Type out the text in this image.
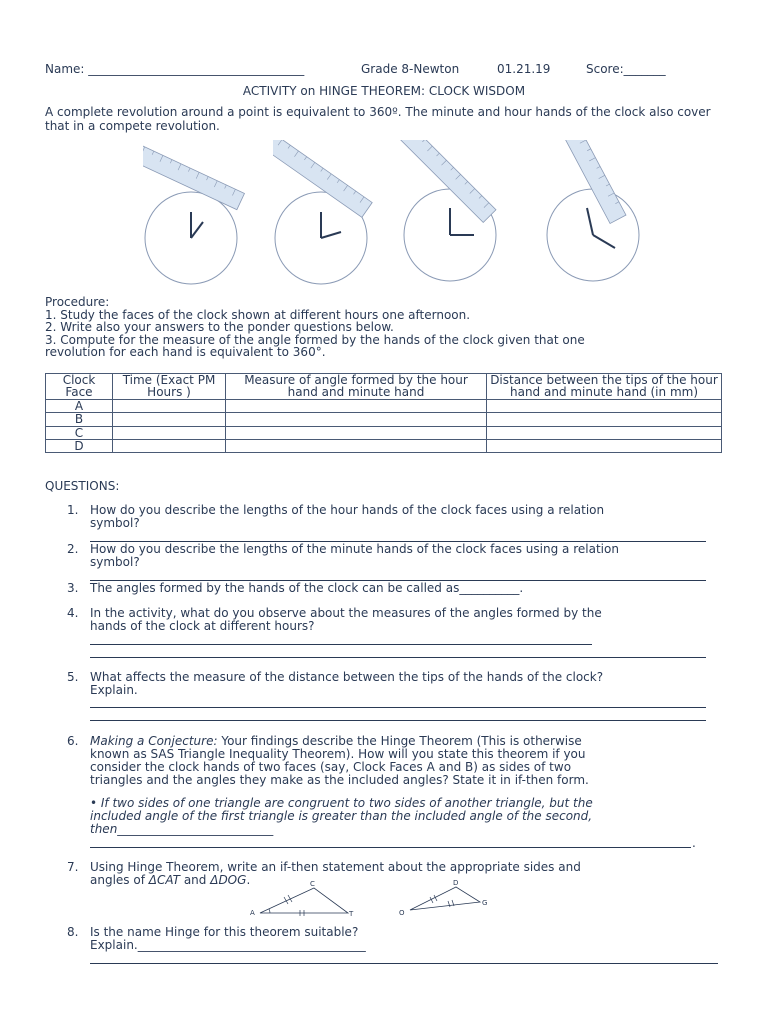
Name: ____________________________________	Grade 8-Newton	01.21.19	Score:_______
ACTIVITY on HINGE THEOREM: CLOCK WISDOM
A complete revolution around a point is equivalent to 360º. The minute and hour hands of the clock also cover that in a compete revolution.
Procedure:
1. Study the faces of the clock shown at different hours one afternoon.
2. Write also your answers to the ponder questions below.
3. Compute for the measure of the angle formed by the hands of the clock given that one
revolution for each hand is equivalent to 360°.
Clock Face	Time (Exact PM Hours )	Measure of angle formed by the hour hand and minute hand	Distance between the tips of the hour hand and minute hand (in mm)
A			
B			
C			
D			
QUESTIONS:
1. How do you describe the lengths of the hour hands of the clock faces using a relation
symbol?
2. How do you describe the lengths of the minute hands of the clock faces using a relation
symbol?
3. The angles formed by the hands of the clock can be called as__________.
4. In the activity, what do you observe about the measures of the angles formed by the
hands of the clock at different hours?
5. What affects the measure of the distance between the tips of the hands of the clock?
Explain.
6. Making a Conjecture: Your findings describe the Hinge Theorem (This is otherwise
known as SAS Triangle Inequality Theorem). How will you state this theorem if you
consider the clock hands of two faces (say, Clock Faces A and B) as sides of two
triangles and the angles they make as the included angles? State it in if-then form.
• If two sides of one triangle are congruent to two sides of another triangle, but the
included angle of the first triangle is greater than the included angle of the second,
then__________________________
.
7. Using Hinge Theorem, write an if-then statement about the appropriate sides and
angles of ΔCAT and ΔDOG.
A
C
T	O
D
G
8. Is the name Hinge for this theorem suitable?
Explain.______________________________________
